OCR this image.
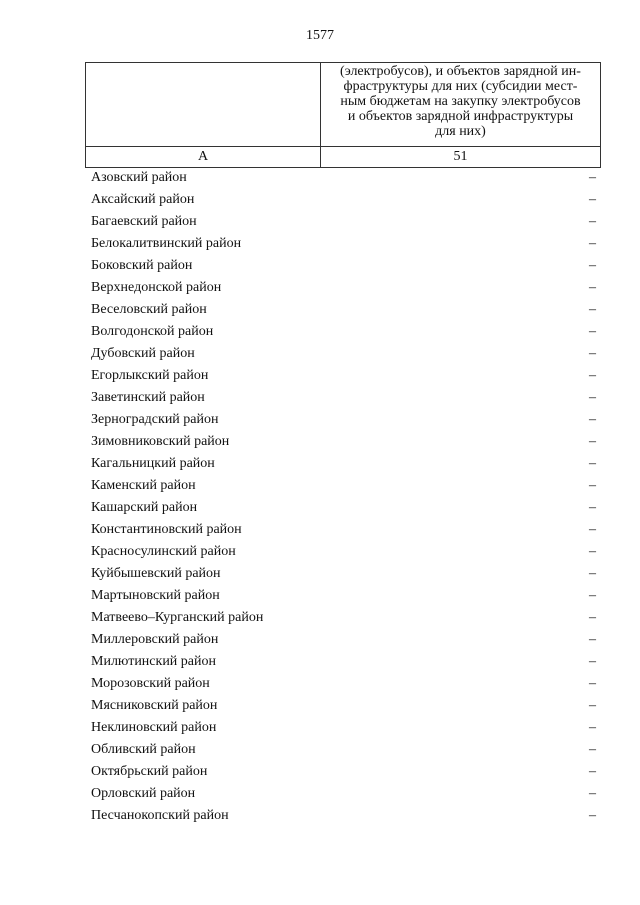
1577

	(электробусов), и объектов зарядной ин-
фраструктуры для них (субсидии мест-
ным бюджетам на закупку электробусов
и объектов зарядной инфраструктуры
для них)

А	51
Азовский район	–
Аксайский район	–
Багаевский район	–
Белокалитвинский район	–
Боковский район	–
Верхнедонской район	–
Веселовский район	–
Волгодонской район	–
Дубовский район	–
Егорлыкский район	–
Заветинский район	–
Зерноградский район	–
Зимовниковский район	–
Кагальницкий район	–
Каменский район	–
Кашарский район	–
Константиновский район	–
Красносулинский район	–
Куйбышевский район	–
Мартыновский район	–
Матвеево–Курганский район	–
Миллеровский район	–
Милютинский район	–
Морозовский район	–
Мясниковский район	–
Неклиновский район	–
Обливский район	–
Октябрьский район	–
Орловский район	–
Песчанокопский район	–
